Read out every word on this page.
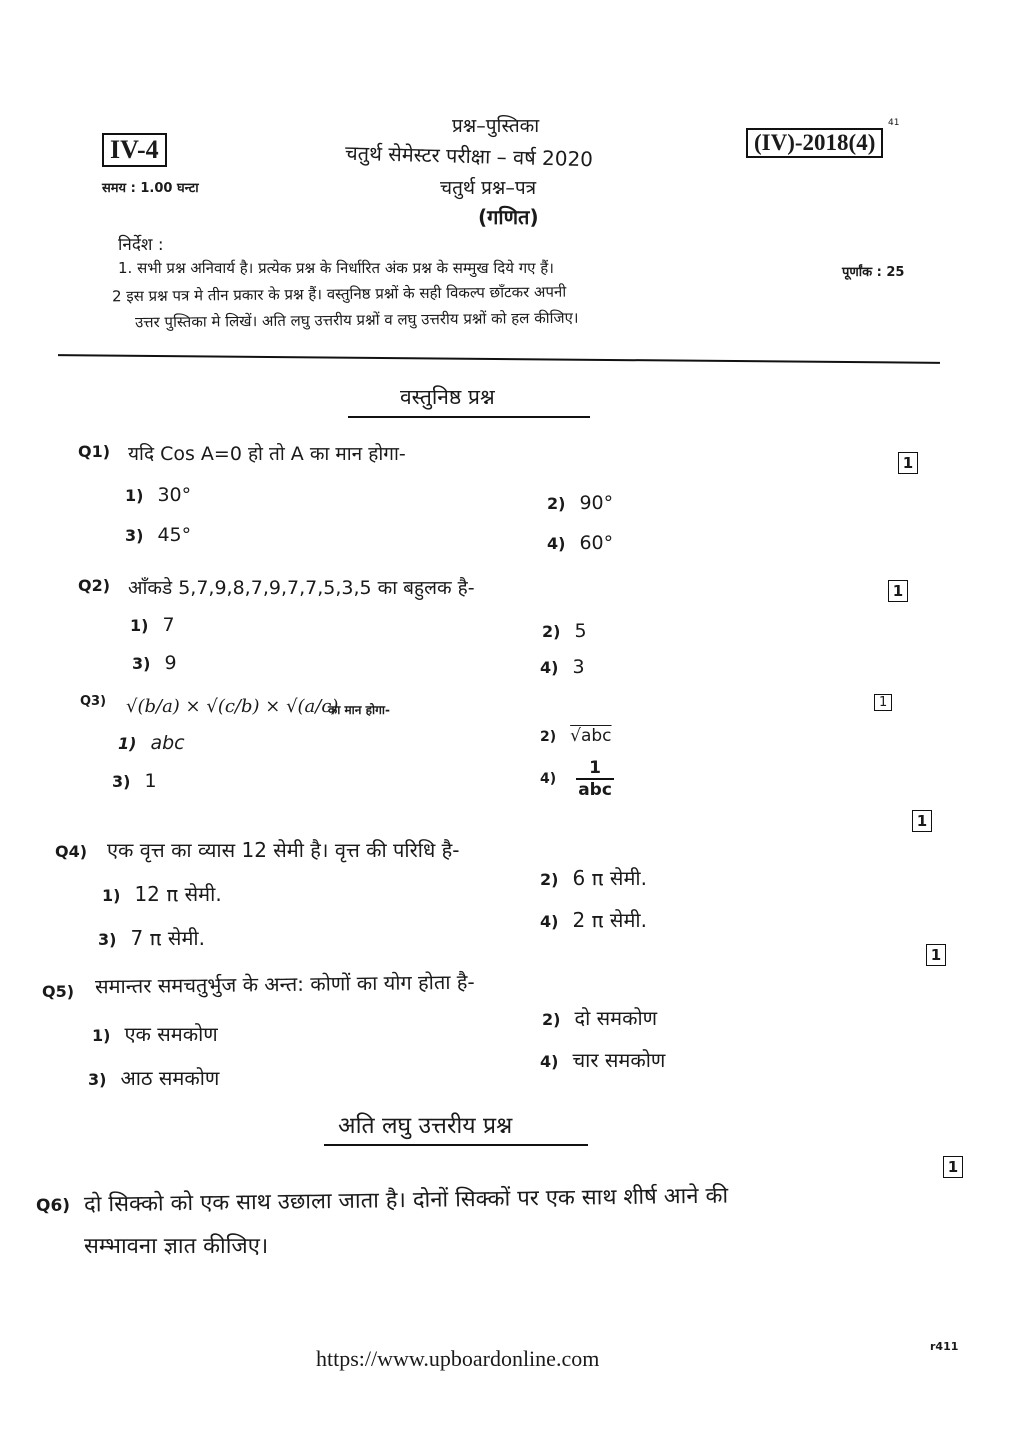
IV-4
समय : 1.00 घन्टा
प्रश्न–पुस्तिका
चतुर्थ सेमेस्टर परीक्षा – वर्ष 2020
चतुर्थ प्रश्न–पत्र
(गणित)
(IV)-2018(4)
41
निर्देश :
1. सभी प्रश्न अनिवार्य है। प्रत्येक प्रश्न के निर्धारित अंक प्रश्न के सम्मुख दिये गए हैं।	पूर्णांक : 25
2 इस प्रश्न पत्र मे तीन प्रकार के प्रश्न हैं। वस्तुनिष्ठ प्रश्नों के सही विकल्प छाँटकर अपनी
उत्तर पुस्तिका मे लिखें। अति लघु उत्तरीय प्रश्नों व लघु उत्तरीय प्रश्नों को हल कीजिए।
वस्तुनिष्ठ प्रश्न
Q1) यदि Cos A=0 हो तो A का मान होगा-	1
1) 30°	2) 90°
3) 45°	4) 60°
Q2) आँकडे 5,7,9,8,7,9,7,7,5,3,5 का बहुलक है-	1
1) 7	2) 5
3) 9	4) 3
Q3) √(b/a) × √(c/b) × √(a/c)
का मान होगा-	1
1) abc	2) √abc
3) 1	4)
1
abc
1
Q4) एक वृत्त का व्यास 12 सेमी है। वृत्त की परिधि है-
1) 12 π सेमी.
2) 6 π सेमी.
3) 7 π सेमी.
4) 2 π सेमी.
1
Q5) समान्तर समचतुर्भुज के अन्त: कोणों का योग होता है-
1) एक समकोण
2) दो समकोण
3) आठ समकोण
4) चार समकोण
अति लघु उत्तरीय प्रश्न
1
Q6) दो सिक्को को एक साथ उछाला जाता है। दोनों सिक्कों पर एक साथ शीर्ष आने की
सम्भावना ज्ञात कीजिए।
https://www.upboardonline.com	r411
